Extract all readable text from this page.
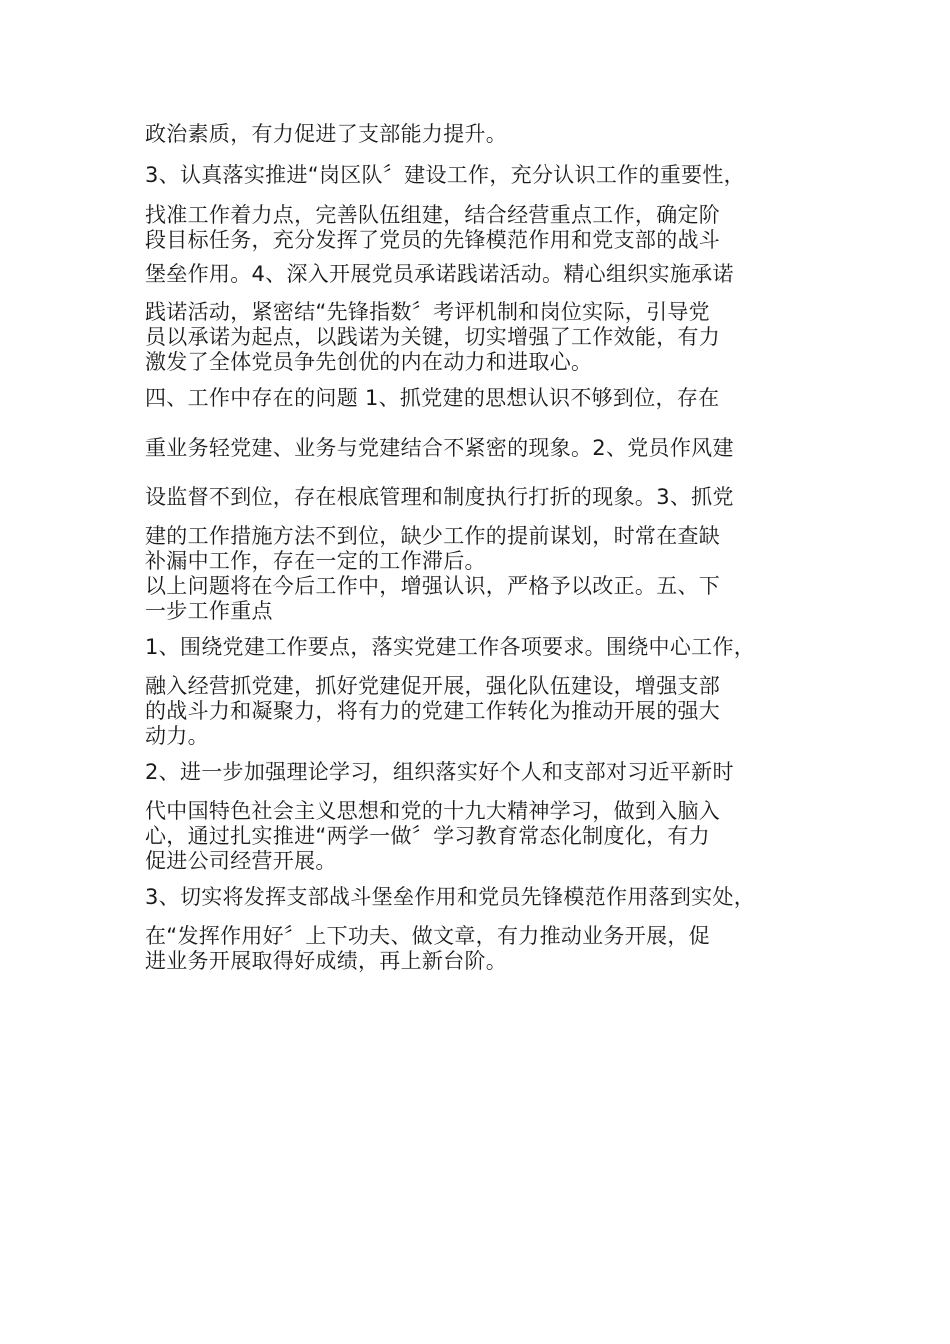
政治素质，有力促进了支部能力提升。
3、认真落实推进“岗区队〞建设工作，充分认识工作的重要性，
找准工作着力点，完善队伍组建，结合经营重点工作，确定阶
段目标任务，充分发挥了党员的先锋模范作用和党支部的战斗
堡垒作用。4、深入开展党员承诺践诺活动。精心组织实施承诺
践诺活动，紧密结“先锋指数〞考评机制和岗位实际，引导党
员以承诺为起点，以践诺为关键，切实增强了工作效能，有力
激发了全体党员争先创优的内在动力和进取心。
四、工作中存在的问题 1、抓党建的思想认识不够到位，存在
重业务轻党建、业务与党建结合不紧密的现象。2、党员作风建
设监督不到位，存在根底管理和制度执行打折的现象。3、抓党
建的工作措施方法不到位，缺少工作的提前谋划，时常在查缺
补漏中工作，存在一定的工作滞后。
以上问题将在今后工作中，增强认识，严格予以改正。五、下
一步工作重点
1、围绕党建工作要点，落实党建工作各项要求。围绕中心工作，
融入经营抓党建，抓好党建促开展，强化队伍建设，增强支部
的战斗力和凝聚力，将有力的党建工作转化为推动开展的强大
动力。
2、进一步加强理论学习，组织落实好个人和支部对习近平新时
代中国特色社会主义思想和党的十九大精神学习，做到入脑入
心，通过扎实推进“两学一做〞学习教育常态化制度化，有力
促进公司经营开展。
3、切实将发挥支部战斗堡垒作用和党员先锋模范作用落到实处，
在“发挥作用好〞上下功夫、做文章，有力推动业务开展，促
进业务开展取得好成绩，再上新台阶。
